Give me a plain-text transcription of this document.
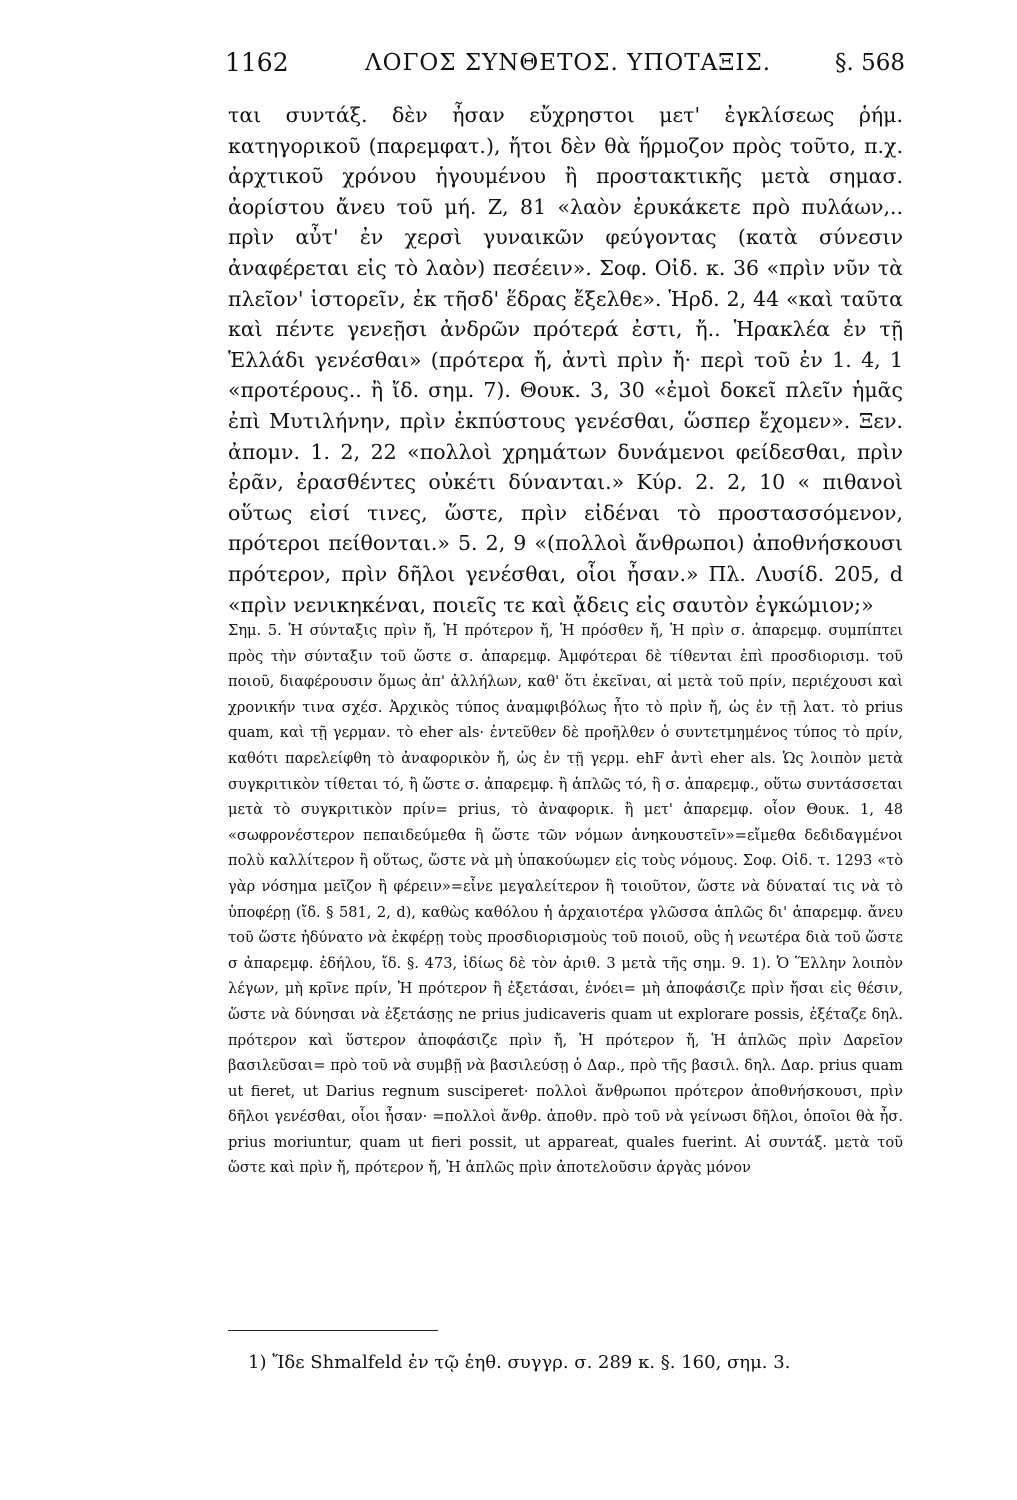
1162	ΛΟΓΟΣ ΣΥΝΘΕΤΟΣ. ΥΠΟΤΑΞΙΣ.	§. 568

ται συντάξ. δὲν ἦσαν εὔχρηστοι μετ' ἐγκλίσεως ῥήμ. κατηγορικοῦ (παρεμφατ.), ἤτοι δὲν θὰ ἥρμοζον πρὸς τοῦτο, π.χ. ἀρχτικοῦ χρόνου ἡγουμένου ἢ προστακτικῆς μετὰ σημασ. ἀορίστου ἄνευ τοῦ μή. Ζ, 81 «λαὸν ἐρυκάκετε πρὸ πυλάων,.. πρὶν αὖτ' ἐν χερσὶ γυναικῶν φεύγοντας (κατὰ σύνεσιν ἀναφέρεται εἰς τὸ λαὸν) πεσέειν». Σοφ. Οἰδ. κ. 36 «πρὶν νῦν τὰ πλεῖον' ἱστορεῖν, ἐκ τῆσδ' ἕδρας ἔξελθε». Ἡρδ. 2, 44 «καὶ ταῦτα καὶ πέντε γενεῇσι ἀνδρῶν πρότερά ἐστι, ἤ.. Ἡρακλέα ἐν τῇ Ἑλλάδι γενέσθαι» (πρότερα ἤ, ἀντὶ πρὶν ἤ· περὶ τοῦ ἐν 1. 4, 1 «προτέρους.. ἢ ἴδ. σημ. 7). Θουκ. 3, 30 «ἐμοὶ δοκεῖ πλεῖν ἡμᾶς ἐπὶ Μυτιλήνην, πρὶν ἐκπύστους γενέσθαι, ὥσπερ ἔχομεν». Ξεν. ἀπομν. 1. 2, 22 «πολλοὶ χρημάτων δυνάμενοι φείδεσθαι, πρὶν ἐρᾶν, ἐρασθέντες οὐκέτι δύνανται.» Κύρ. 2. 2, 10 « πιθανοὶ οὕτως εἰσί τινες, ὥστε, πρὶν εἰδέναι τὸ προστασσόμενον, πρότεροι πείθονται.» 5. 2, 9 «(πολλοὶ ἄνθρωποι) ἀποθνήσκουσι πρότερον, πρὶν δῆλοι γενέσθαι, οἷοι ἦσαν.» Πλ. Λυσίδ. 205, d «πρὶν νενικηκέναι, ποιεῖς τε καὶ ᾄδεις εἰς σαυτὸν ἐγκώμιον;»

Σημ. 5. Ἡ σύνταξις πρὶν ἤ, Ἡ πρότερον ἤ, Ἡ πρόσθεν ἤ, Ἡ πρὶν σ. ἀπαρεμφ. συμπίπτει πρὸς τὴν σύνταξιν τοῦ ὥστε σ. ἀπαρεμφ. Ἀμφότεραι δὲ τίθενται ἐπὶ προσδιορισμ. τοῦ ποιοῦ, διαφέρουσιν ὅμως ἀπ' ἀλλήλων, καθ' ὅτι ἐκεῖναι, αἱ μετὰ τοῦ πρίν, περιέχουσι καὶ χρονικήν τινα σχέσ. Ἀρχικὸς τύπος ἀναμφιβόλως ἦτο τὸ πρὶν ἤ, ὡς ἐν τῇ λατ. τὸ prius quam, καὶ τῇ γερμαν. τὸ eher als· ἐντεῦθεν δὲ προῆλθεν ὁ συντετμημένος τύπος τὸ πρίν, καθότι παρελείφθη τὸ ἀναφορικὸν ἤ, ὡς ἐν τῇ γερμ. ehF ἀντὶ eher als. Ὡς λοιπὸν μετὰ συγκριτικὸν τίθεται τό, ἢ ὥστε σ. ἀπαρεμφ. ἢ ἁπλῶς τό, ἢ σ. ἀπαρεμφ., οὕτω συντάσσεται μετὰ τὸ συγκριτικὸν πρίν= prius, τὸ ἀναφορικ. ἢ μετ' ἀπαρεμφ. οἷον Θουκ. 1, 48 «σωφρονέστερον πεπαιδεύμεθα ἢ ὥστε τῶν νόμων ἀνηκουστεῖν»=εἴμεθα δεδιδαγμένοι πολὺ καλλίτερον ἢ οὕτως, ὥστε νὰ μὴ ὑπακούωμεν εἰς τοὺς νόμους. Σοφ. Οἰδ. τ. 1293 «τὸ γὰρ νόσημα μεῖζον ἢ φέρειν»=εἶνε μεγαλείτερον ἢ τοιοῦτον, ὥστε νὰ δύναταί τις νὰ τὸ ὑποφέρῃ (ἴδ. § 581, 2, d), καθὼς καθόλου ἡ ἀρχαιοτέρα γλῶσσα ἁπλῶς δι' ἀπαρεμφ. ἄνευ τοῦ ὥστε ἠδύνατο νὰ ἐκφέρῃ τοὺς προσδιορισμοὺς τοῦ ποιοῦ, οὓς ἡ νεωτέρα διὰ τοῦ ὥστε σ ἀπαρεμφ. ἐδήλου, ἴδ. §. 473, ἰδίως δὲ τὸν ἀριθ. 3 μετὰ τῆς σημ. 9. 1). Ὁ Ἕλλην λοιπὸν λέγων, μὴ κρῖνε πρίν, Ἡ πρότερον ἢ ἐξετάσαι, ἐνόει= μὴ ἀποφάσιζε πρὶν ἤσαι εἰς θέσιν, ὥστε νὰ δύνησαι νὰ ἐξετάσῃς ne prius judicaveris quam ut explorare possis, ἐξέταζε δηλ. πρότερον καὶ ὕστερον ἀποφάσιζε πρὶν ἤ, Ἡ πρότερον ἤ, Ἡ ἁπλῶς πρὶν Δαρεῖον βασιλεῦσαι= πρὸ τοῦ νὰ συμβῇ νὰ βασιλεύσῃ ὁ Δαρ., πρὸ τῆς βασιλ. δηλ. Δαρ. prius quam ut fieret, ut Darius regnum susciperet· πολλοὶ ἄνθρωποι πρότερον ἀποθνήσκουσι, πρὶν δῆλοι γενέσθαι, οἷοι ἦσαν· =πολλοὶ ἄνθρ. ἀποθν. πρὸ τοῦ νὰ γείνωσι δῆλοι, ὁποῖοι θὰ ἦσ. prius moriuntur, quam ut fieri possit, ut appareat, quales fuerint. Αἱ συντάξ. μετὰ τοῦ ὥστε καὶ πρὶν ἤ, πρότερον ἤ, Ἡ ἁπλῶς πρὶν ἀποτελοῦσιν ἀργὰς μόνον

1) Ἴδε Shmalfeld ἐν τῷ ἑηθ. συγγρ. σ. 289 κ. §. 160, σημ. 3.
